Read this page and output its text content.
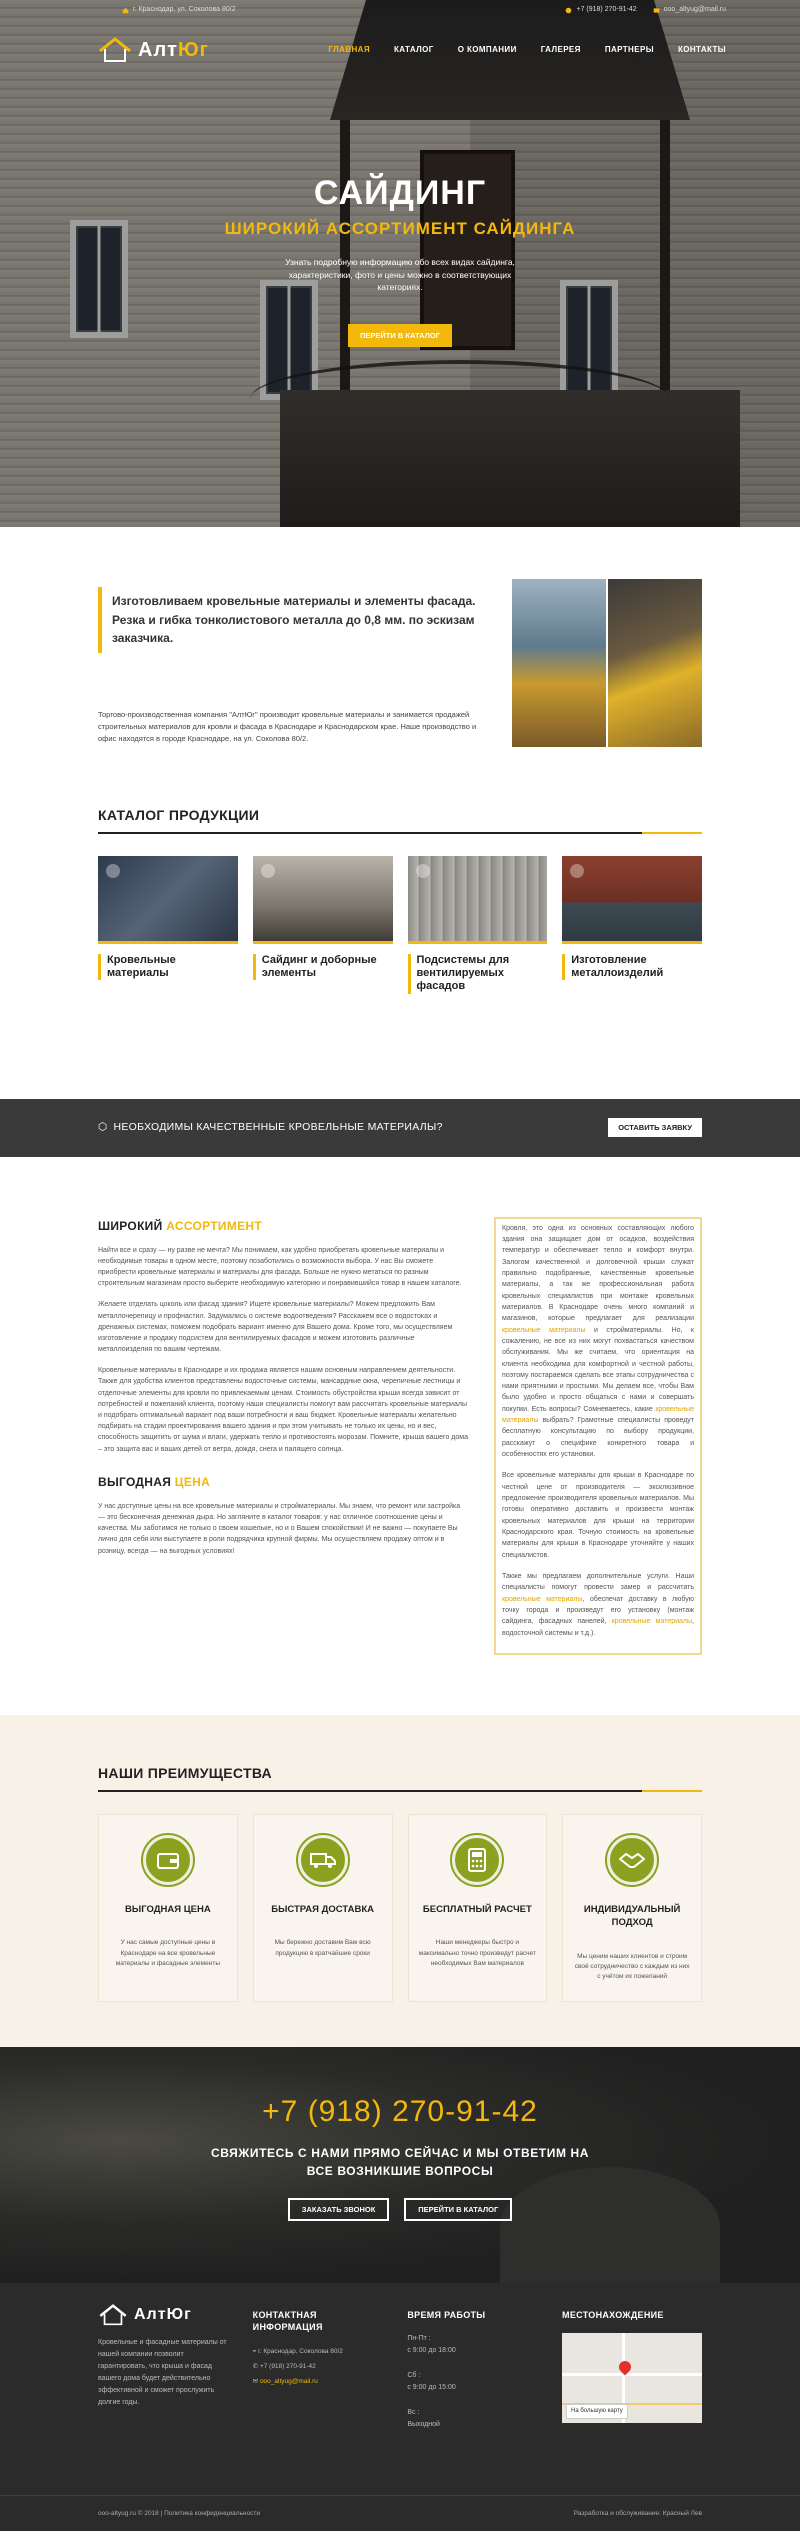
г. Краснодар, ул. Соколова 80/2	+7 (918) 270-91-42	ooo_altyug@mail.ru
АлтЮг	ГЛАВНАЯ	КАТАЛОГ	О КОМПАНИИ	ГАЛЕРЕЯ	ПАРТНЕРЫ	КОНТАКТЫ
САЙДИНГ
ШИРОКИЙ АССОРТИМЕНТ САЙДИНГА

Узнать подробную информацию обо всех видах сайдинга, характеристики, фото и цены можно в соответствующих категориях.

ПЕРЕЙТИ В КАТАЛОГ
Изготовливаем кровельные материалы и элементы фасада. Резка и гибка тонколистового металла до 0,8 мм. по эскизам заказчика.

Торгово-производственная компания "АлтЮг" производит кровельные материалы и занимается продажей строительных материалов для кровли и фасада в Краснодаре и Краснодарском крае. Наше производство и офис находятся в городе Краснодаре, на ул. Соколова 80/2.

КАТАЛОГ ПРОДУКЦИИ
Кровельные материалы
Сайдинг и доборные элементы
Подсистемы для вентилируемых фасадов
Изготовление металлоизделий
⬡ НЕОБХОДИМЫ КАЧЕСТВЕННЫЕ КРОВЕЛЬНЫЕ МАТЕРИАЛЫ?	ОСТАВИТЬ ЗАЯВКУ
ШИРОКИЙ АССОРТИМЕНТ

Найти все и сразу — ну разве не мечта? Мы понимаем, как удобно приобретать кровельные материалы и необходимые товары в одном месте, поэтому позаботились о возможности выбора. У нас Вы сможете приобрести кровельные материалы и материалы для фасада. Больше не нужно метаться по разным строительным магазинам просто выберите необходимую категорию и понравившийся товар в нашем каталоге.

Желаете отделать цоколь или фасад здания? Ищете кровельные материалы? Можем предложить Вам металлочерепицу и профнастил. Задумались о системе водоотведения? Расскажем все о водостоках и дренажных системах, поможем подобрать вариант именно для Вашего дома. Кроме того, мы осуществляем изготовление и продажу подсистем для вентилируемых фасадов и можем изготовить различные металлоизделия по вашим чертежам.

Кровельные материалы в Краснодаре и их продажа является нашим основным направлением деятельности. Также для удобства клиентов представлены водосточные системы, мансардные окна, черепичные лестницы и отделочные элементы для кровли по привлекаемым ценам. Стоимость обустройства крыши всегда зависит от потребностей и пожеланий клиента, поэтому наши специалисты помогут вам рассчитать кровельные материалы и подобрать оптимальный вариант под ваши потребности и ваш бюджет. Кровельные материалы желательно подбирать на стадии проектирования вашего здания и при этом учитывать не только их цены, но и вес, способность защитить от шума и влаги, удержать тепло и противостоять морозам. Помните, крыша вашего дома – это защита вас и ваших детей от ветра, дождя, снега и палящего солнца.

ВЫГОДНАЯ ЦЕНА

У нас доступные цены на все кровельные материалы и стройматериалы. Мы знаем, что ремонт или застройка — это бесконечная денежная дыра. Но загляните в каталог товаров: у нас отличное соотношение цены и качества. Мы заботимся не только о своем кошельке, но и о Вашем спокойствии! И не важно — покупаете Вы лично для себя или выступаете в роли подрядчика крупной фирмы. Мы осуществляем продажу оптом и в розницу, всегда — на выгодных условиях!

Кровля, это одна из основных составляющих любого здания она защищает дом от осадков, воздействия температур и обеспечивает тепло и комфорт внутри. Залогом качественной и долговечной крыши служат правильно подобранные, качественные кровельные материалы, а так же профессиональная работа кровельных специалистов при монтаже кровельных материалов. В Краснодаре очень много компаний и магазинов, которые предлагает для реализации кровельные материалы и стройматериалы. Но, к сожалению, не все из них могут похвастаться качеством обслуживания. Мы же считаем, что ориентация на клиента необходима для комфортной и честной работы, поэтому постараемся сделать все этапы сотрудничества с нами приятными и простыми. Мы делаем все, чтобы Вам было удобно и просто общаться с нами и совершать покупки. Есть вопросы? Сомневаетесь, какие кровельные материалы выбрать? Грамотные специалисты проведут бесплатную консультацию по выбору продукции, расскажут о специфике конкретного товара и особенностях его установки.

Все кровельные материалы для крыши в Краснодаре по честной цене от производителя — эксклюзивное предложение производителя кровельных материалов. Мы готовы оперативно доставить и произвести монтаж кровельных материалов для крыши на территории Краснодарского края. Точную стоимость на кровельные материалы для крыши в Краснодаре уточняйте у наших специалистов.

Также мы предлагаем дополнительные услуги. Наши специалисты помогут провести замер и рассчитать кровельные материалы, обеспечат доставку в любую точку города и произведут его установку (монтаж сайдинга, фасадных панелей, кровельные материалы, водосточной системы и т.д.).

НАШИ ПРЕИМУЩЕСТВА
ВЫГОДНАЯ ЦЕНА

У нас самые доступные цены в Краснодаре на все кровельные материалы и фасадные элементы

БЫСТРАЯ ДОСТАВКА

Мы бережно доставим Вам всю продукцию в кратчайшие сроки

БЕСПЛАТНЫЙ РАСЧЕТ

Наши менеджеры быстро и максимально точно произведут расчет необходимых Вам материалов

ИНДИВИДУАЛЬНЫЙ ПОДХОД

Мы ценим наших клиентов и строим своё сотрудничество с каждым из них с учётом их пожеланий

+7 (918) 270-91-42
СВЯЖИТЕСЬ С НАМИ ПРЯМО СЕЙЧАС И МЫ ОТВЕТИМ НА
ВСЕ ВОЗНИКШИЕ ВОПРОСЫ
ЗАКАЗАТЬ ЗВОНОК	ПЕРЕЙТИ В КАТАЛОГ
АлтЮг

Кровельные и фасадные материалы от нашей компании позволит гарантировать, что крыша и фасад вашего дома будет действительно эффективной и сможет прослужить долгие годы.

КОНТАКТНАЯ ИНФОРМАЦИЯ
⌖ г. Краснодар, Соколова 80/2
✆ +7 (918) 270-91-42
✉ ooo_altyug@mail.ru
ВРЕМЯ РАБОТЫ

Пн-Пт :
с 9:00 до 18:00

Сб :
с 9:00 до 15:00

Вс :
Выходной

МЕСТОНАХОЖДЕНИЕ
На большую карту
ooo-altyug.ru © 2018 | Политика конфиденциальности	Разработка и обслуживание: Красный Лев
